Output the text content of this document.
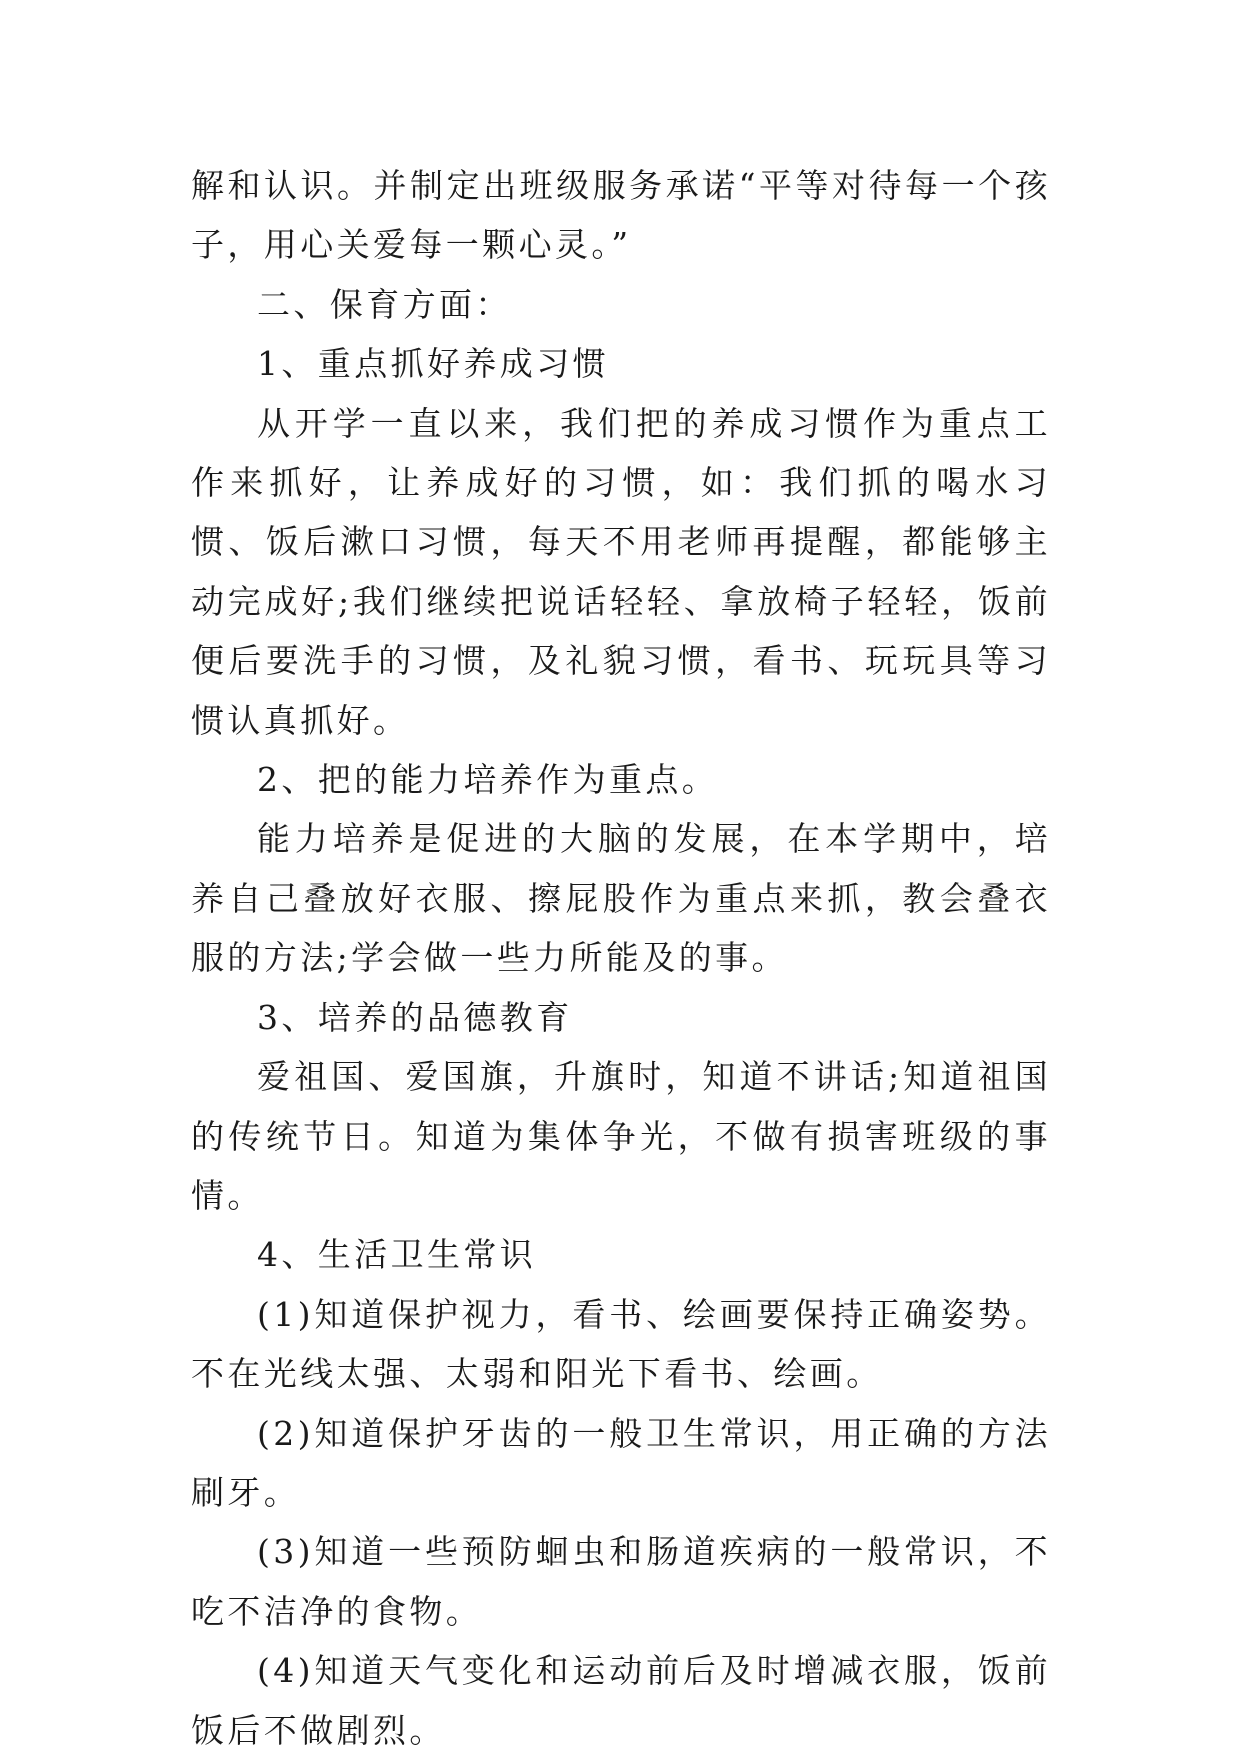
解和认识。并制定出班级服务承诺“平等对待每一个孩子，用心关爱每一颗心灵。”

二、保育方面：

1、重点抓好养成习惯

从开学一直以来，我们把的养成习惯作为重点工作来抓好，让养成好的习惯，如：我们抓的喝水习惯、饭后漱口习惯，每天不用老师再提醒，都能够主动完成好;我们继续把说话轻轻、拿放椅子轻轻，饭前便后要洗手的习惯，及礼貌习惯，看书、玩玩具等习惯认真抓好。

2、把的能力培养作为重点。

能力培养是促进的大脑的发展，在本学期中，培养自己叠放好衣服、擦屁股作为重点来抓，教会叠衣服的方法;学会做一些力所能及的事。

3、培养的品德教育

爱祖国、爱国旗，升旗时，知道不讲话;知道祖国的传统节日。知道为集体争光，不做有损害班级的事情。

4、生活卫生常识

(1)知道保护视力，看书、绘画要保持正确姿势。不在光线太强、太弱和阳光下看书、绘画。

(2)知道保护牙齿的一般卫生常识，用正确的方法刷牙。

(3)知道一些预防蛔虫和肠道疾病的一般常识，不吃不洁净的食物。

(4)知道天气变化和运动前后及时增减衣服，饭前饭后不做剧烈。
